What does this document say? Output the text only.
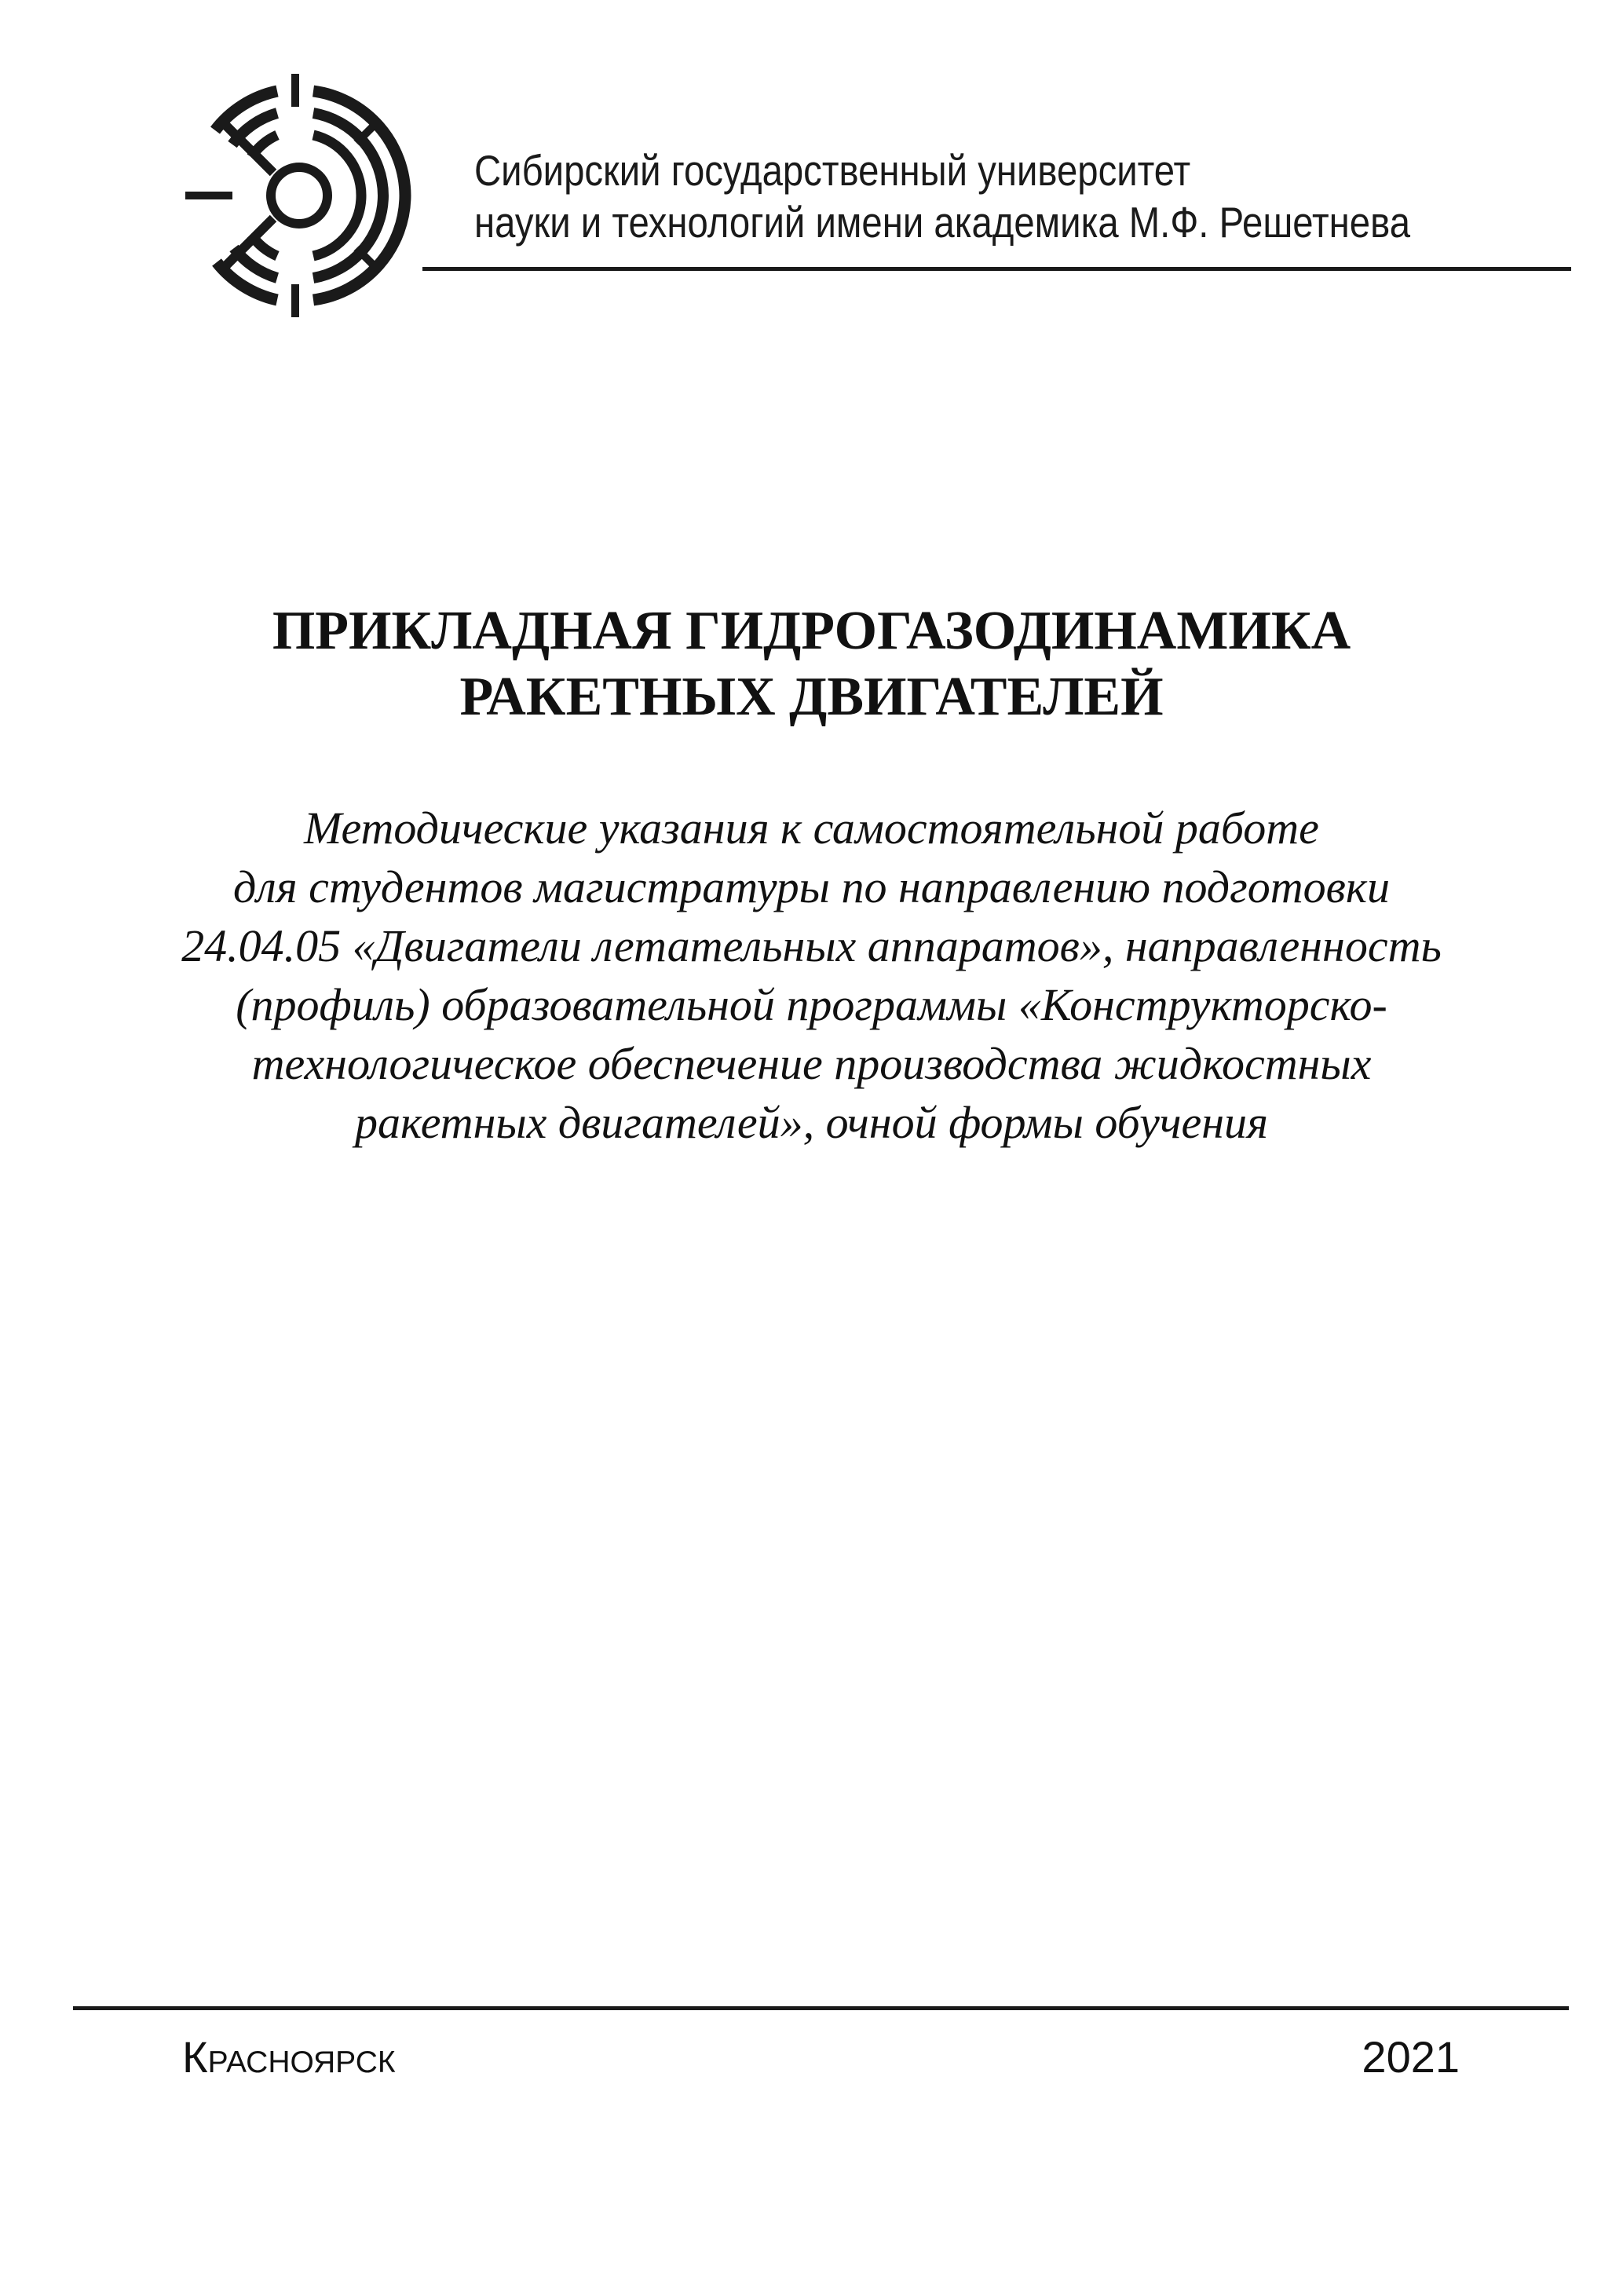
Сибирский государственный университет
науки и технологий имени академика М.Ф. Решетнева
ПРИКЛАДНАЯ ГИДРОГАЗОДИНАМИКА
РАКЕТНЫХ ДВИГАТЕЛЕЙ
Методические указания к самостоятельной работе
для студентов магистратуры по направлению подготовки
24.04.05 «Двигатели летательных аппаратов», направленность
(профиль) образовательной программы «Конструкторско-
технологическое обеспечение производства жидкостных
ракетных двигателей», очной формы обучения
Красноярск	2021
